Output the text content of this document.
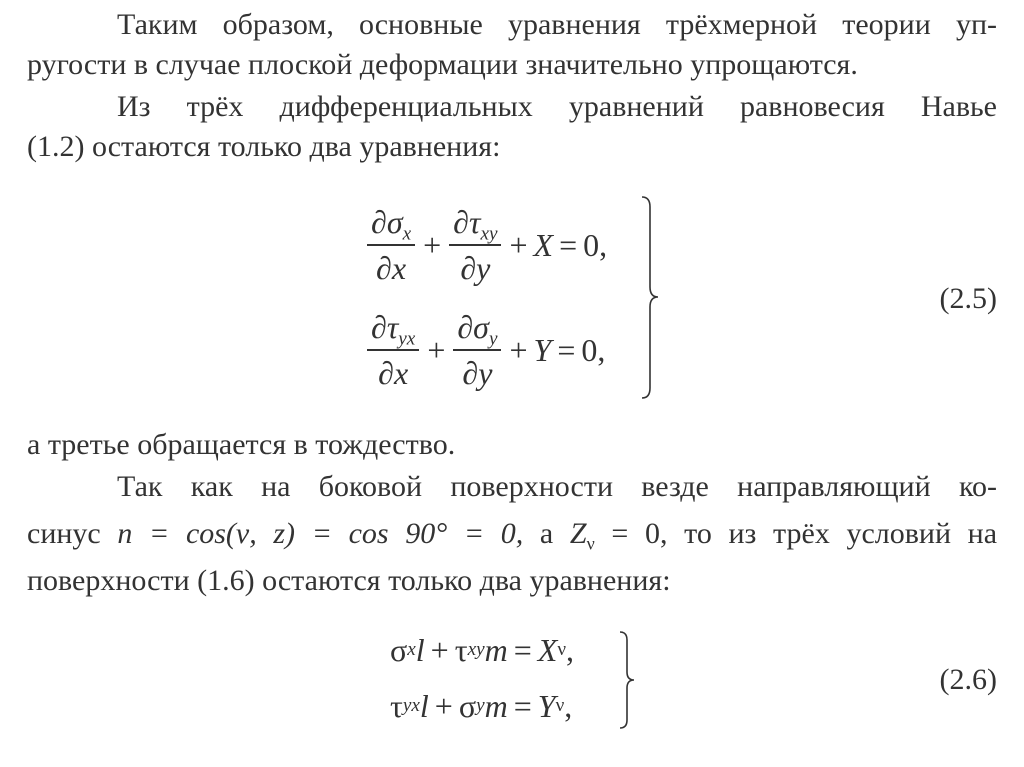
Таким образом, основные уравнения трёхмерной теории уп-
ругости в случае плоской деформации значительно упрощаются.
Из трёх дифференциальных уравнений равновесия Навье
(1.2) остаются только два уравнения:
$\frac{\partial\sigma_x}{\partial x} + \frac{\partial\tau_{xy}}{\partial y} + X = 0$,
$\frac{\partial\tau_{yx}}{\partial x} + \frac{\partial\sigma_y}{\partial y} + Y = 0$,
(2.5)
а третье обращается в тождество.
Так как на боковой поверхности везде направляющий ко-
синус n = cos(ν, z) = cos 90° = 0, а $Z_\nu = 0$, то из трёх условий на
поверхности (1.6) остаются только два уравнения:
σ x l + τ xy m = X ν ,
τ yx l + σ y m = Y ν ,
(2.6)
